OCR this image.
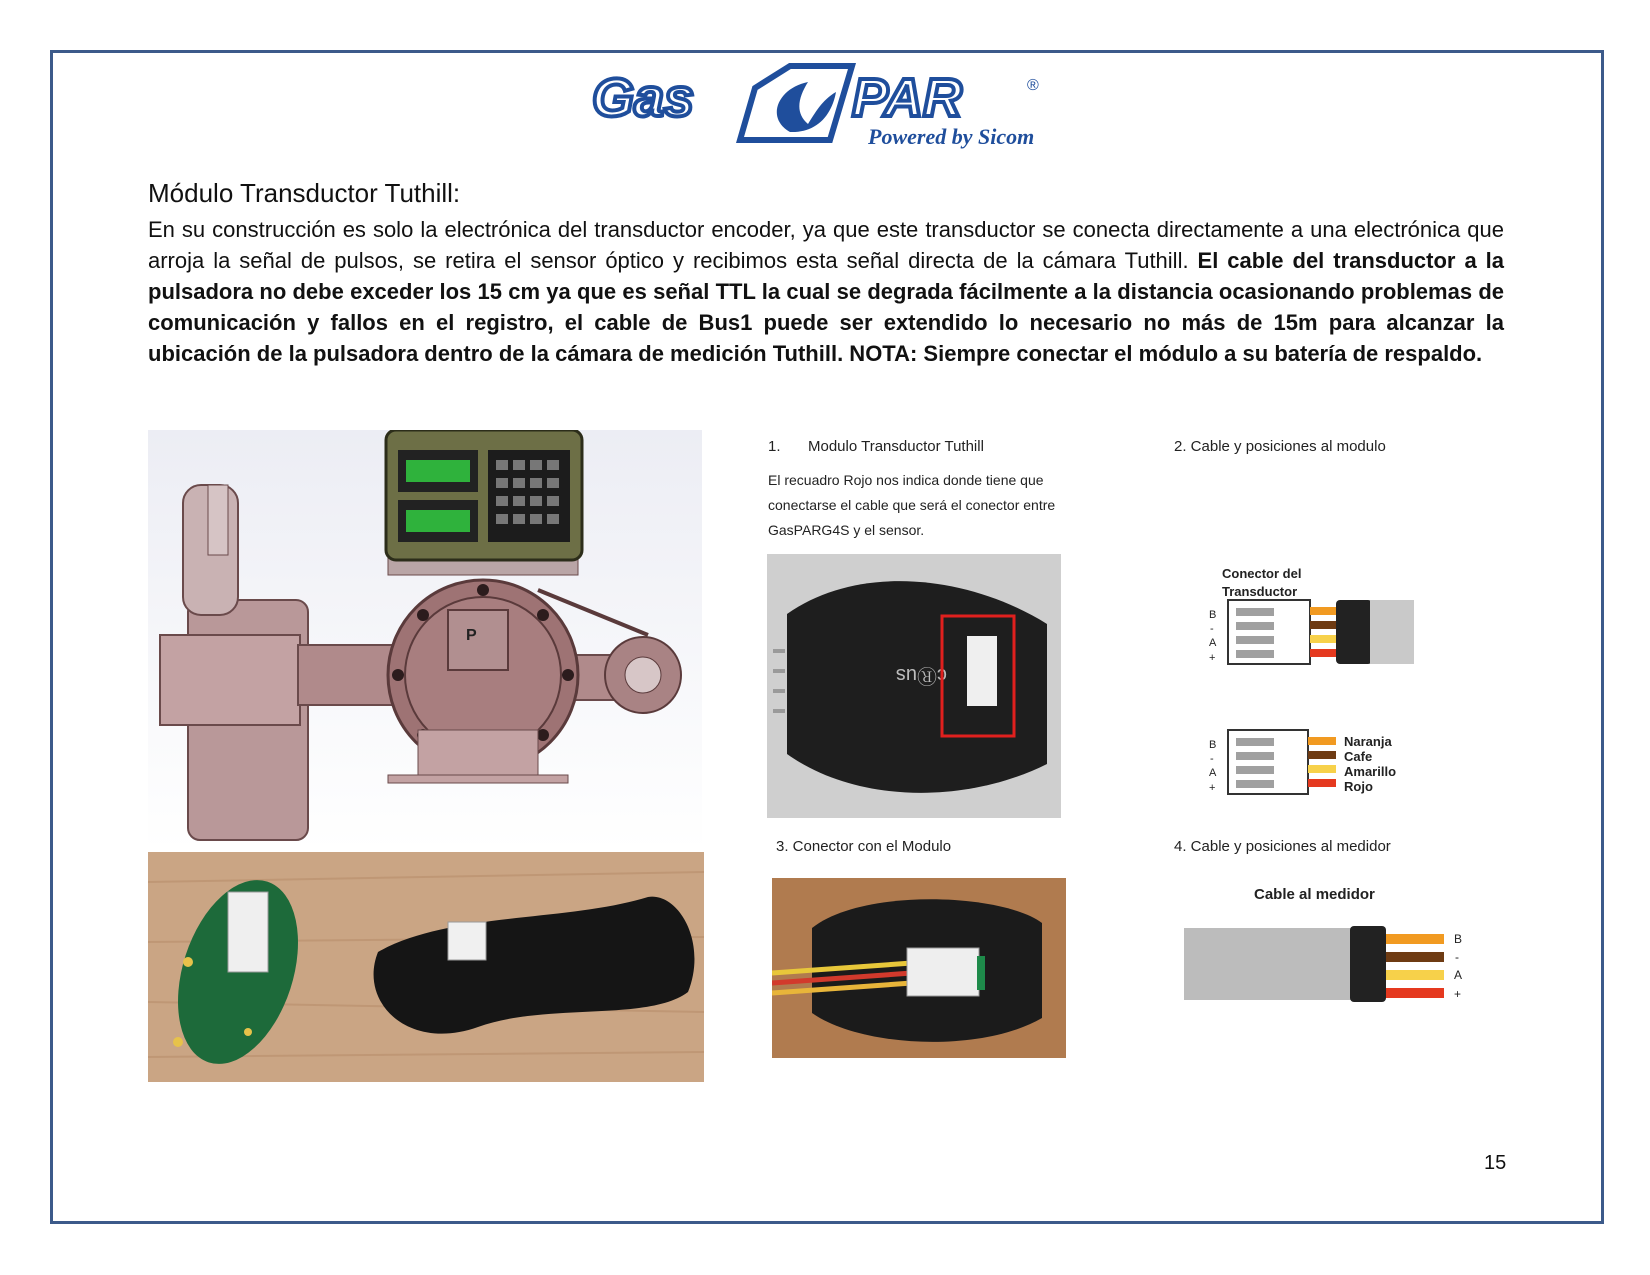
Gas	PAR	®
Powered by Sicom
Módulo Transductor Tuthill:
En su construcción es solo la electrónica del transductor encoder, ya que este transductor se conecta directamente a una electrónica que arroja la señal de pulsos, se retira el sensor óptico y recibimos esta señal directa de la cámara Tuthill. El cable del transductor a la pulsadora no debe exceder los 15 cm ya que es señal TTL la cual se degrada fácilmente a la distancia ocasionando problemas de comunicación y fallos en el registro, el cable de Bus1 puede ser extendido lo necesario no más de 15m para alcanzar la ubicación de la pulsadora dentro de la cámara de medición Tuthill. NOTA: Siempre conectar el módulo a su batería de respaldo.
P
1. Modulo Transductor Tuthill
El recuadro Rojo nos indica donde tiene que conectarse el cable que será el conector entre GasPARG4S y el sensor.
cⓇus
2. Cable y posiciones al modulo
Conector del Transductor
B
-
A
+
B
-
A
+
Naranja
Cafe
Amarillo
Rojo
3. Conector con el Modulo	4. Cable y posiciones al medidor
Cable al medidor
B
-
A
+
15
